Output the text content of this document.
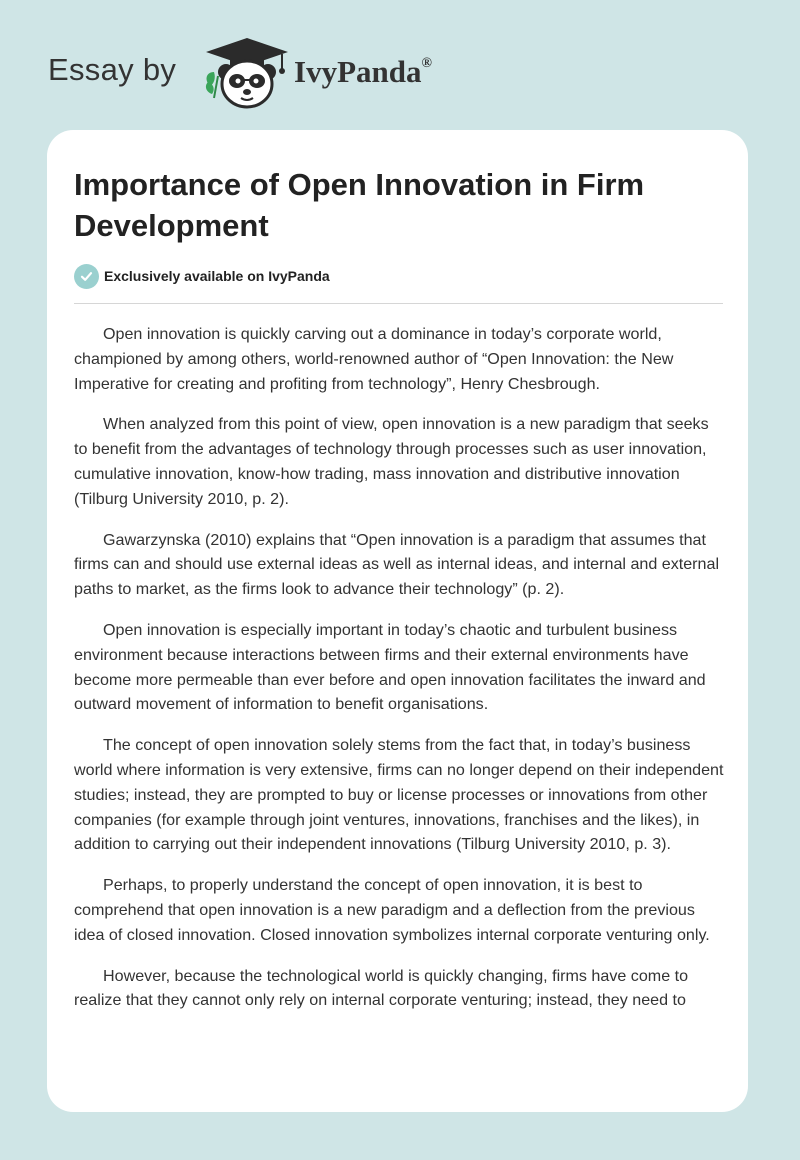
Essay by	IvyPanda®
Importance of Open Innovation in Firm Development
Exclusively available on IvyPanda

Open innovation is quickly carving out a dominance in today’s corporate world, championed by among others, world-renowned author of “Open Innovation: the New Imperative for creating and profiting from technology”, Henry Chesbrough.

When analyzed from this point of view, open innovation is a new paradigm that seeks to benefit from the advantages of technology through processes such as user innovation, cumulative innovation, know-how trading, mass innovation and distributive innovation (Tilburg University 2010, p. 2).

Gawarzynska (2010) explains that “Open innovation is a paradigm that assumes that firms can and should use external ideas as well as internal ideas, and internal and external paths to market, as the firms look to advance their technology” (p. 2).

Open innovation is especially important in today’s chaotic and turbulent business environment because interactions between firms and their external environments have become more permeable than ever before and open innovation facilitates the inward and outward movement of information to benefit organisations.

The concept of open innovation solely stems from the fact that, in today’s business world where information is very extensive, firms can no longer depend on their independent studies; instead, they are prompted to buy or license processes or innovations from other companies (for example through joint ventures, innovations, franchises and the likes), in addition to carrying out their independent innovations (Tilburg University 2010, p. 3).

Perhaps, to properly understand the concept of open innovation, it is best to comprehend that open innovation is a new paradigm and a deflection from the previous idea of closed innovation. Closed innovation symbolizes internal corporate venturing only.

However, because the technological world is quickly changing, firms have come to realize that they cannot only rely on internal corporate venturing; instead, they need to
